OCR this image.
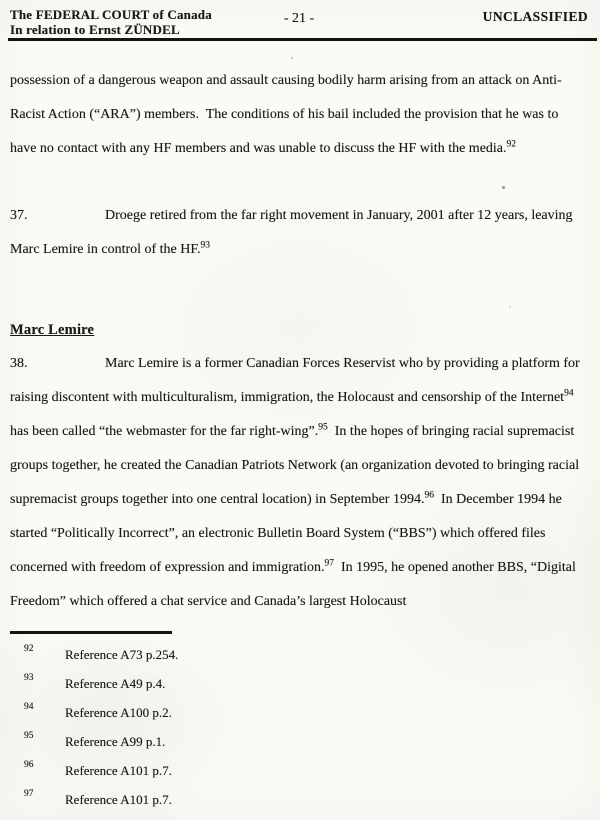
The FEDERAL COURT of Canada
In relation to Ernst ZÜNDEL
- 21 -	UNCLASSIFIED
possession of a dangerous weapon and assault causing bodily harm arising from an attack on Anti-Racist Action (“ARA”) members.  The conditions of his bail included the provision that he was to have no contact with any HF members and was unable to discuss the HF with the media.$^{92}$
37.	Droege retired from the far right movement in January, 2001 after 12 years, leaving Marc Lemire in control of the HF.$^{93}$
Marc Lemire
38.	Marc Lemire is a former Canadian Forces Reservist who by providing a platform for raising discontent with multiculturalism, immigration, the Holocaust and censorship of the Internet$^{94}$ has been called “the webmaster for the far right-wing”.$^{95}$  In the hopes of bringing racial supremacist groups together, he created the Canadian Patriots Network (an organization devoted to bringing racial supremacist groups together into one central location) in September 1994.96  In December 1994 he started “Politically Incorrect”, an electronic Bulletin Board System (“BBS”) which offered files concerned with freedom of expression and immigration.$^{97}$  In 1995, he opened another BBS, “Digital Freedom” which offered a chat service and Canada’s largest Holocaust
92	Reference A73 p.254.
93	Reference A49 p.4.
94	Reference A100 p.2.
95	Reference A99 p.1.
96	Reference A101 p.7.
97	Reference A101 p.7.
